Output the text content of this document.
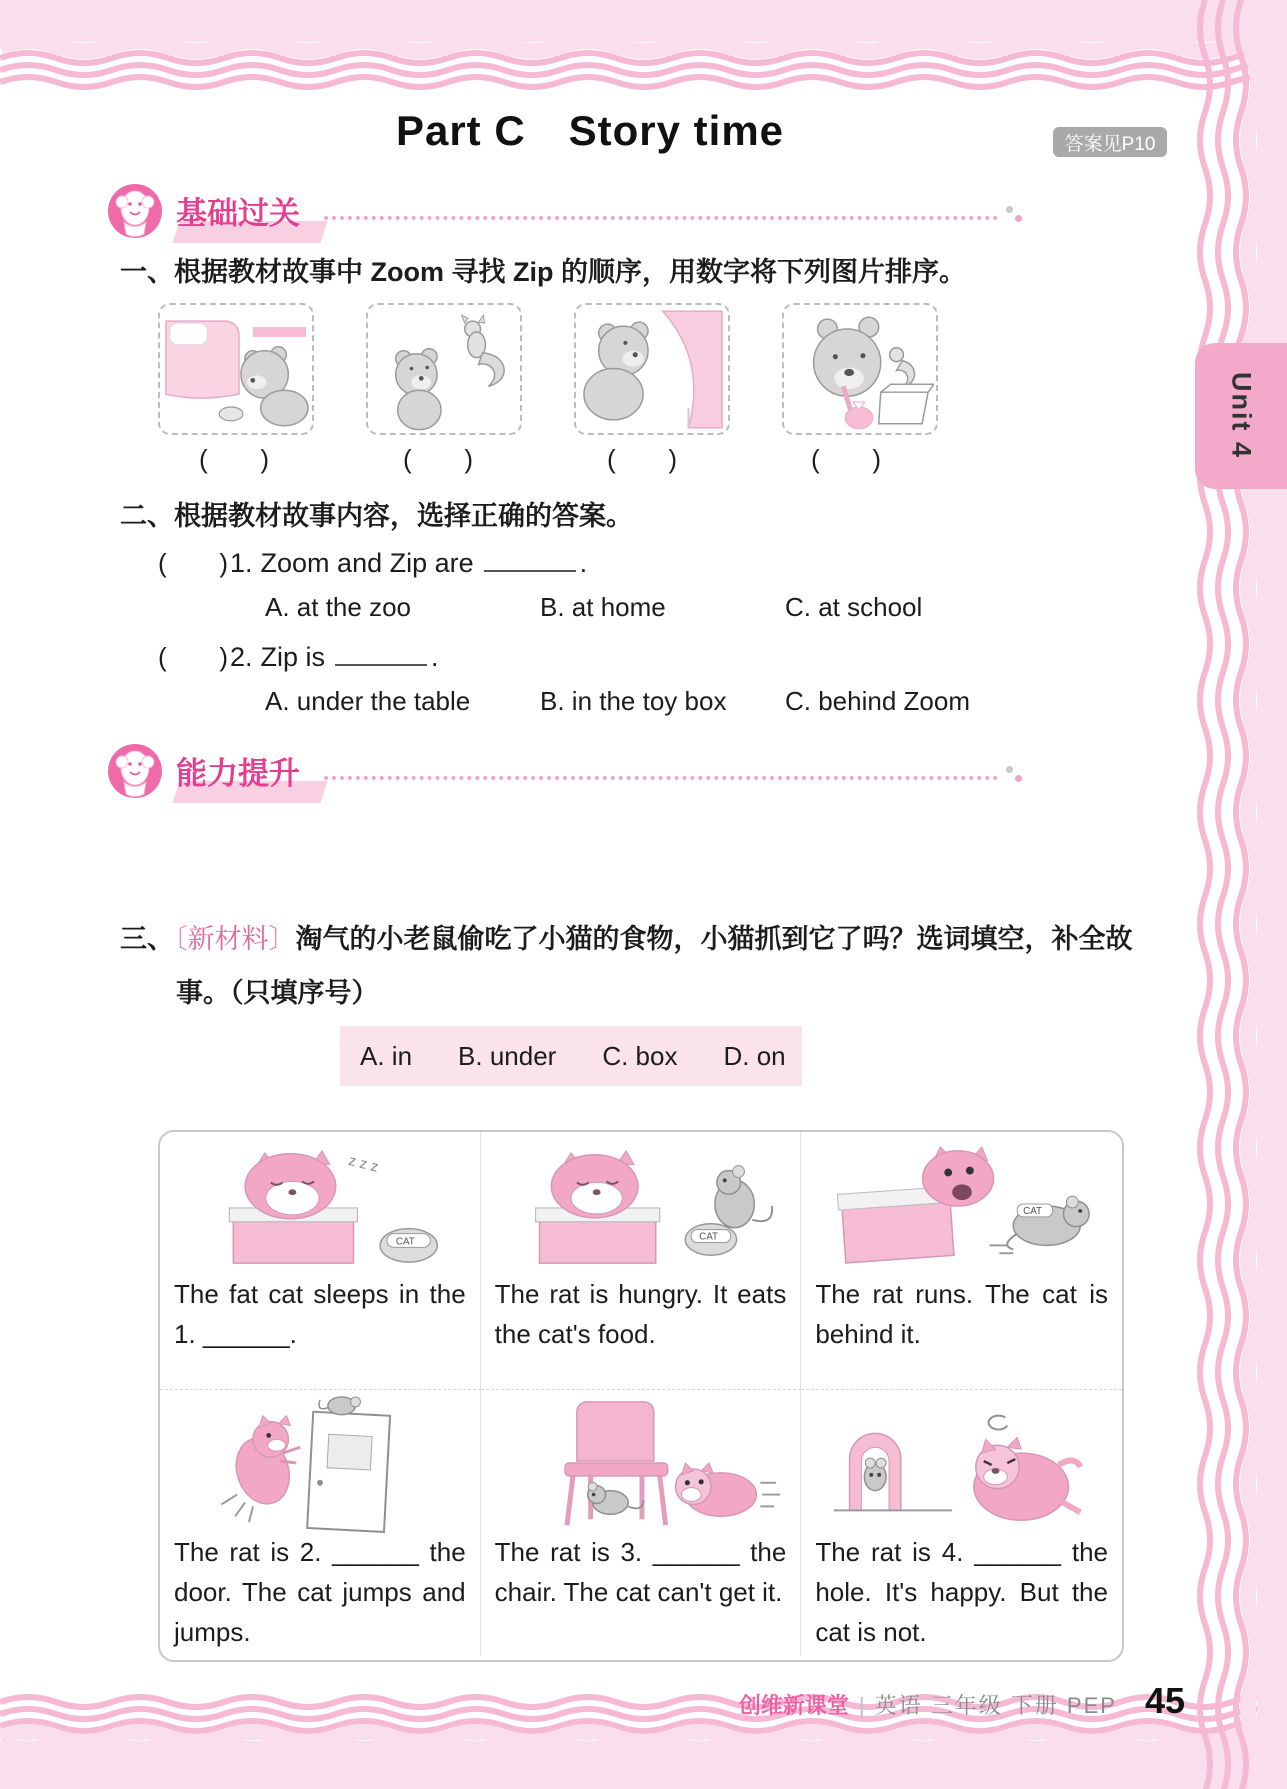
Unit 4
Part C　Story time	答案见P10
基础过关
一、根据教材故事中 Zoom 寻找 Zip 的顺序，用数字将下列图片排序。
( )	( )	( )	( )
二、根据教材故事内容，选择正确的答案。
( ) 1. Zoom and Zip are	.
A. at the zoo	B. at home	C. at school
( ) 2. Zip is	.
A. under the table	B. in the toy box	C. behind Zoom
能力提升
三、〔新材料〕淘气的小老鼠偷吃了小猫的食物，小猫抓到它了吗？选词填空，补全故事。（只填序号）
A. in B. under C. box D. on
z z z
CAT
The fat cat sleeps in the 1. ______.
CAT
The rat is hungry. It eats the cat's food.
CAT
The rat runs. The cat is behind it.
The rat is 2. ______ the door. The cat jumps and jumps.
The rat is 3. ______ the chair. The cat can't get it.
The rat is 4. ______ the hole. It's happy. But the cat is not.
创维新课堂 | 英语 三年级 下册 PEP 45
